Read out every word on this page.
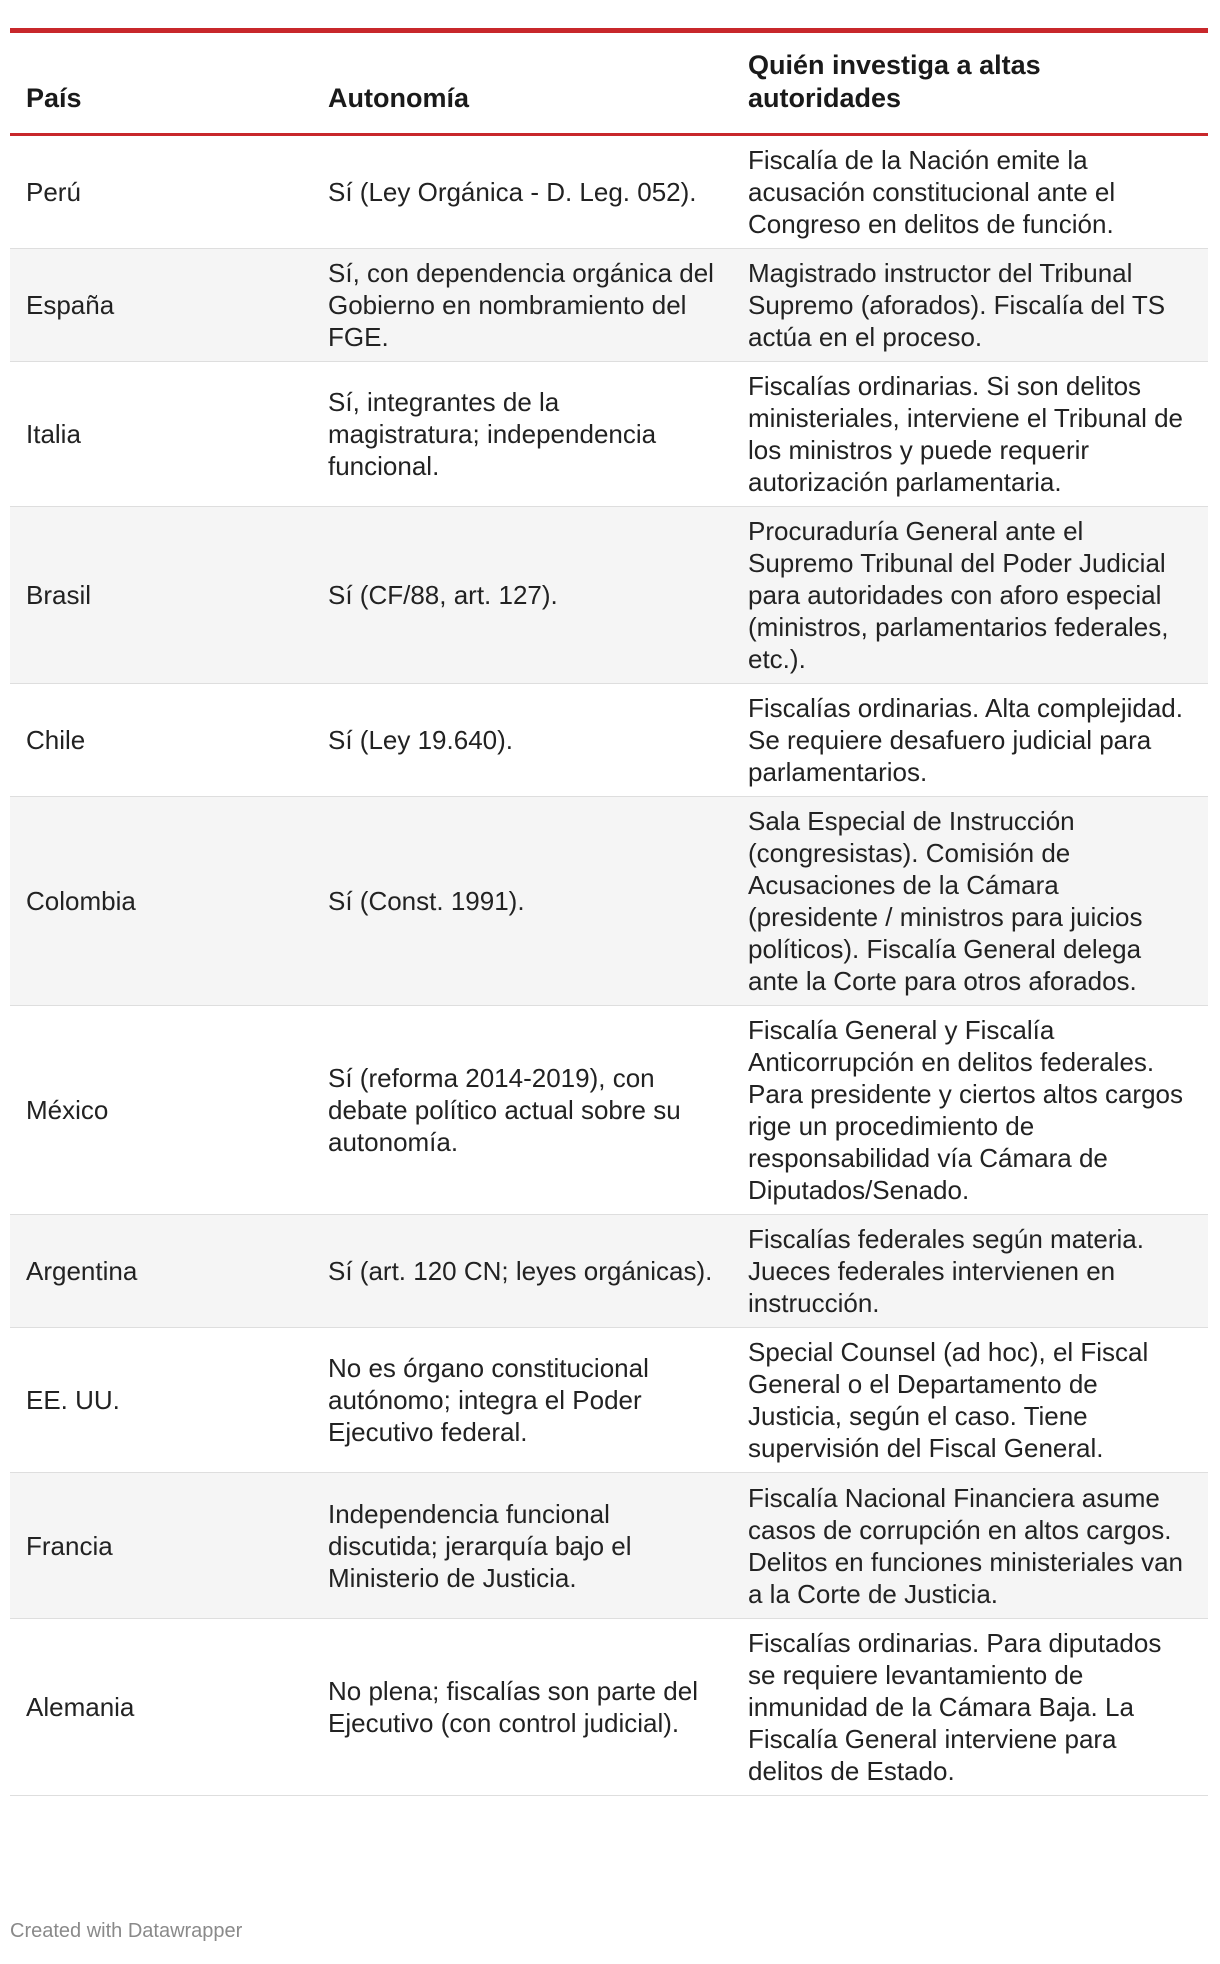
País	Autonomía	Quién investiga a altas autoridades
Perú	Sí (Ley Orgánica - D. Leg. 052).	Fiscalía de la Nación emite la acusación constitucional ante el Congreso en delitos de función.
España	Sí, con dependencia orgánica del Gobierno en nombramiento del FGE.	Magistrado instructor del Tribunal Supremo (aforados). Fiscalía del TS actúa en el proceso.
Italia	Sí, integrantes de la magistratura; independencia funcional.	Fiscalías ordinarias. Si son delitos ministeriales, interviene el Tribunal de los ministros y puede requerir autorización parlamentaria.
Brasil	Sí (CF/88, art. 127).	Procuraduría General ante el Supremo Tribunal del Poder Judicial para autoridades con aforo especial (ministros, parlamentarios federales, etc.).
Chile	Sí (Ley 19.640).	Fiscalías ordinarias. Alta complejidad. Se requiere desafuero judicial para parlamentarios.
Colombia	Sí (Const. 1991).	Sala Especial de Instrucción (congresistas). Comisión de Acusaciones de la Cámara (presidente / ministros para juicios políticos). Fiscalía General delega ante la Corte para otros aforados.
México	Sí (reforma 2014-2019), con debate político actual sobre su autonomía.	Fiscalía General y Fiscalía Anticorrupción en delitos federales. Para presidente y ciertos altos cargos rige un procedimiento de responsabilidad vía Cámara de Diputados/Senado.
Argentina	Sí (art. 120 CN; leyes orgánicas).	Fiscalías federales según materia. Jueces federales intervienen en instrucción.
EE. UU.	No es órgano constitucional autónomo; integra el Poder Ejecutivo federal.	Special Counsel (ad hoc), el Fiscal General o el Departamento de Justicia, según el caso. Tiene supervisión del Fiscal General.
Francia	Independencia funcional discutida; jerarquía bajo el Ministerio de Justicia.	Fiscalía Nacional Financiera asume casos de corrupción en altos cargos. Delitos en funciones ministeriales van a la Corte de Justicia.
Alemania	No plena; fiscalías son parte del Ejecutivo (con control judicial).	Fiscalías ordinarias. Para diputados se requiere levantamiento de inmunidad de la Cámara Baja. La Fiscalía General interviene para delitos de Estado.
Created with Datawrapper
